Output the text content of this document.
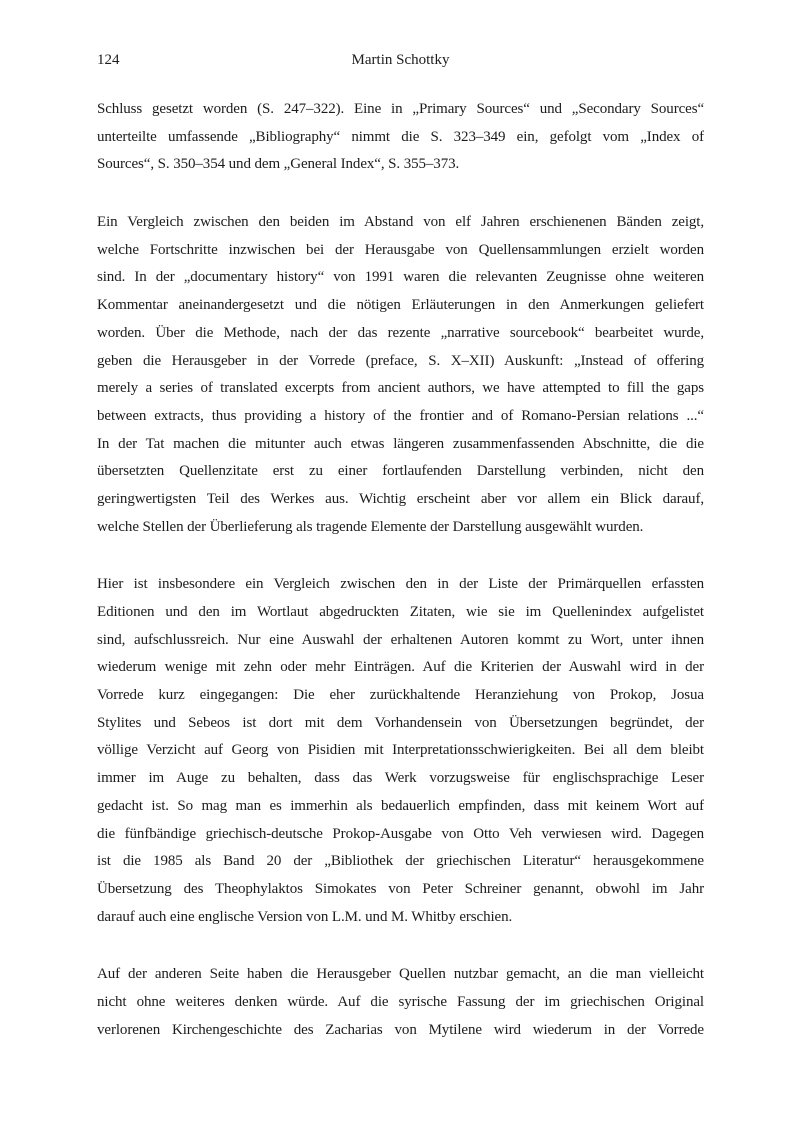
124	Martin Schottky
Schluss gesetzt worden (S. 247–322). Eine in „Primary Sources“ und „Secondary Sources“
unterteilte umfassende „Bibliography“ nimmt die S. 323–349 ein, gefolgt vom „Index of
Sources“, S. 350–354 und dem „General Index“, S. 355–373.
Ein Vergleich zwischen den beiden im Abstand von elf Jahren erschienenen Bänden zeigt,
welche Fortschritte inzwischen bei der Herausgabe von Quellensammlungen erzielt worden
sind. In der „documentary history“ von 1991 waren die relevanten Zeugnisse ohne weiteren
Kommentar aneinandergesetzt und die nötigen Erläuterungen in den Anmerkungen geliefert
worden. Über die Methode, nach der das rezente „narrative sourcebook“ bearbeitet wurde,
geben die Herausgeber in der Vorrede (preface, S. X–XII) Auskunft: „Instead of offering
merely a series of translated excerpts from ancient authors, we have attempted to fill the gaps
between extracts, thus providing a history of the frontier and of Romano-Persian relations ...“
In der Tat machen die mitunter auch etwas längeren zusammenfassenden Abschnitte, die die
übersetzten Quellenzitate erst zu einer fortlaufenden Darstellung verbinden, nicht den
geringwertigsten Teil des Werkes aus. Wichtig erscheint aber vor allem ein Blick darauf,
welche Stellen der Überlieferung als tragende Elemente der Darstellung ausgewählt wurden.
Hier ist insbesondere ein Vergleich zwischen den in der Liste der Primärquellen erfassten
Editionen und den im Wortlaut abgedruckten Zitaten, wie sie im Quellenindex aufgelistet
sind, aufschlussreich. Nur eine Auswahl der erhaltenen Autoren kommt zu Wort, unter ihnen
wiederum wenige mit zehn oder mehr Einträgen. Auf die Kriterien der Auswahl wird in der
Vorrede kurz eingegangen: Die eher zurückhaltende Heranziehung von Prokop, Josua
Stylites und Sebeos ist dort mit dem Vorhandensein von Übersetzungen begründet, der
völlige Verzicht auf Georg von Pisidien mit Interpretationsschwierigkeiten. Bei all dem bleibt
immer im Auge zu behalten, dass das Werk vorzugsweise für englischsprachige Leser
gedacht ist. So mag man es immerhin als bedauerlich empfinden, dass mit keinem Wort auf
die fünfbändige griechisch-deutsche Prokop-Ausgabe von Otto Veh verwiesen wird. Dagegen
ist die 1985 als Band 20 der „Bibliothek der griechischen Literatur“ herausgekommene
Übersetzung des Theophylaktos Simokates von Peter Schreiner genannt, obwohl im Jahr
darauf auch eine englische Version von L.M. und M. Whitby erschien.
Auf der anderen Seite haben die Herausgeber Quellen nutzbar gemacht, an die man vielleicht
nicht ohne weiteres denken würde. Auf die syrische Fassung der im griechischen Original
verlorenen Kirchengeschichte des Zacharias von Mytilene wird wiederum in der Vorrede
